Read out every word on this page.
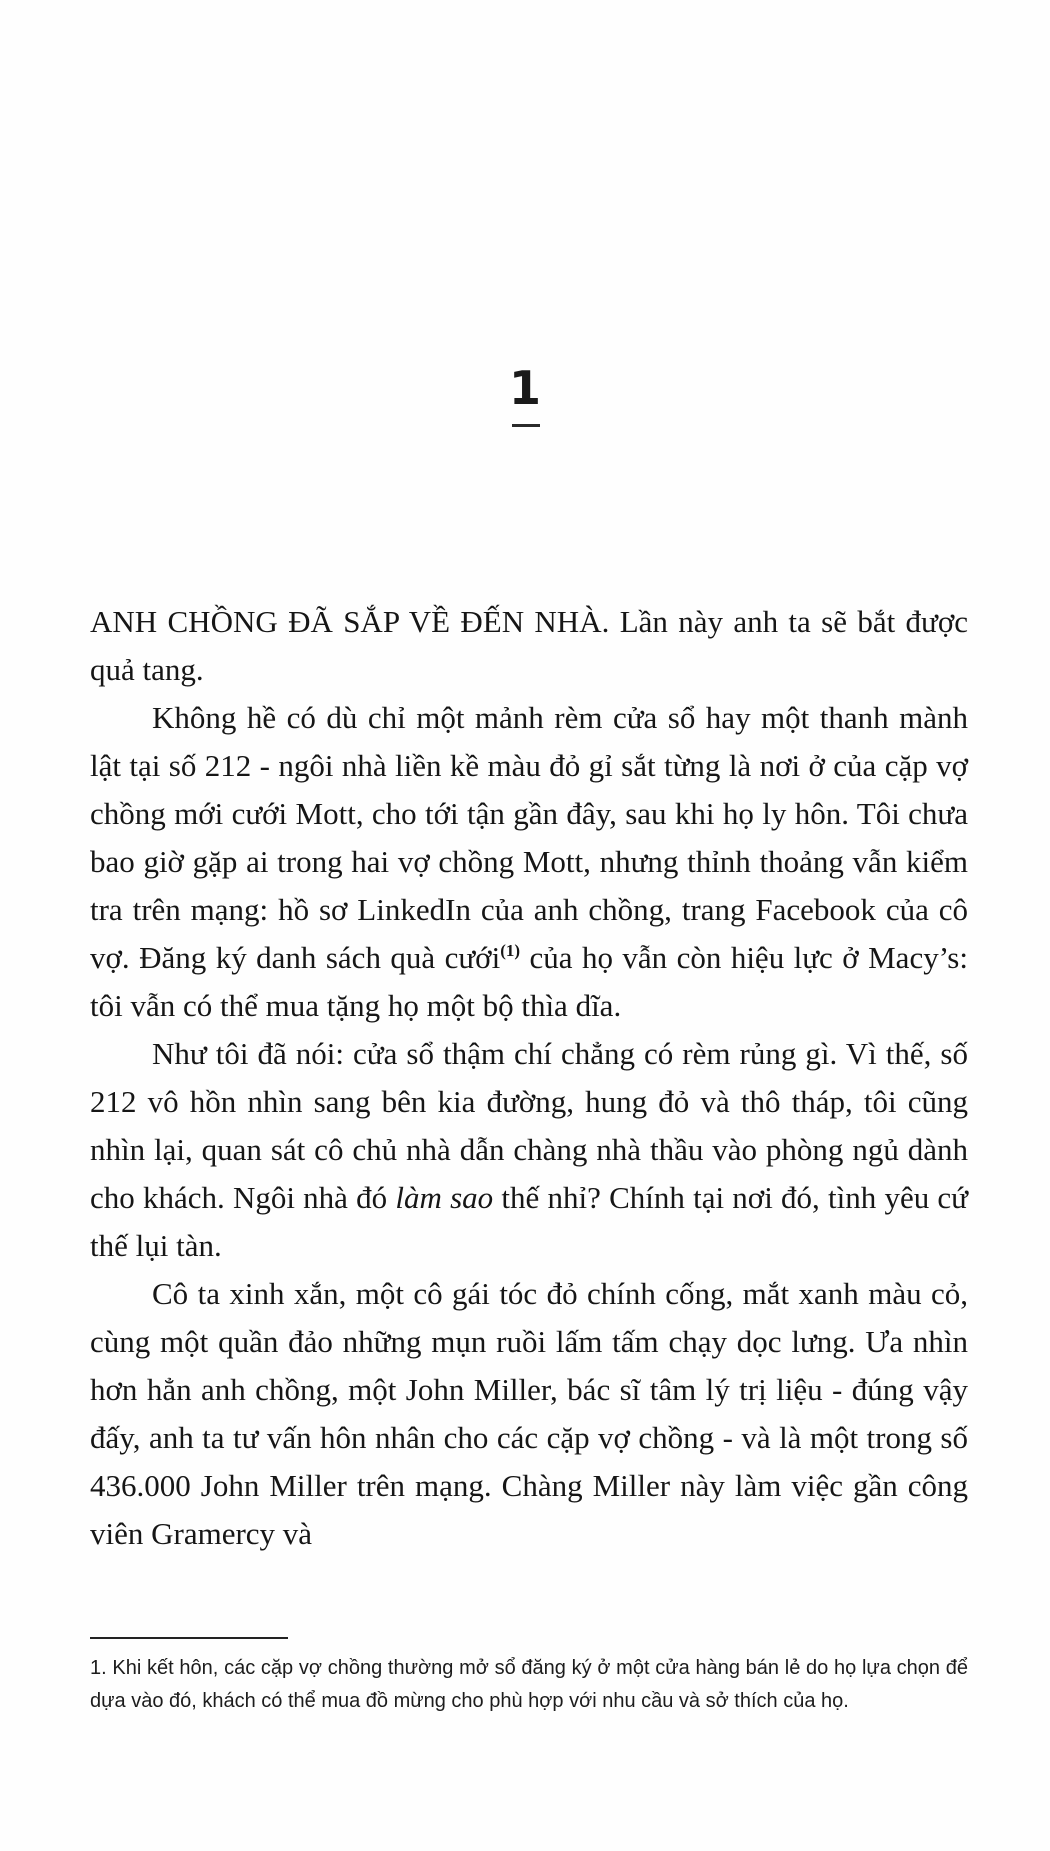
1

ANH CHỒNG ĐÃ SẮP VỀ ĐẾN NHÀ. Lần này anh ta sẽ bắt được quả tang.

Không hề có dù chỉ một mảnh rèm cửa sổ hay một thanh mành lật tại số 212 - ngôi nhà liền kề màu đỏ gỉ sắt từng là nơi ở của cặp vợ chồng mới cưới Mott, cho tới tận gần đây, sau khi họ ly hôn. Tôi chưa bao giờ gặp ai trong hai vợ chồng Mott, nhưng thỉnh thoảng vẫn kiểm tra trên mạng: hồ sơ LinkedIn của anh chồng, trang Facebook của cô vợ. Đăng ký danh sách quà cưới$^{(1)}$ của họ vẫn còn hiệu lực ở Macy’s: tôi vẫn có thể mua tặng họ một bộ thìa dĩa.

Như tôi đã nói: cửa sổ thậm chí chẳng có rèm rủng gì. Vì thế, số 212 vô hồn nhìn sang bên kia đường, hung đỏ và thô tháp, tôi cũng nhìn lại, quan sát cô chủ nhà dẫn chàng nhà thầu vào phòng ngủ dành cho khách. Ngôi nhà đó làm sao thế nhỉ? Chính tại nơi đó, tình yêu cứ thế lụi tàn.

Cô ta xinh xắn, một cô gái tóc đỏ chính cống, mắt xanh màu cỏ, cùng một quần đảo những mụn ruồi lấm tấm chạy dọc lưng. Ưa nhìn hơn hẳn anh chồng, một John Miller, bác sĩ tâm lý trị liệu - đúng vậy đấy, anh ta tư vấn hôn nhân cho các cặp vợ chồng - và là một trong số 436.000 John Miller trên mạng. Chàng Miller này làm việc gần công viên Gramercy và

1. Khi kết hôn, các cặp vợ chồng thường mở sổ đăng ký ở một cửa hàng bán lẻ do họ lựa chọn để dựa vào đó, khách có thể mua đồ mừng cho phù hợp với nhu cầu và sở thích của họ.
